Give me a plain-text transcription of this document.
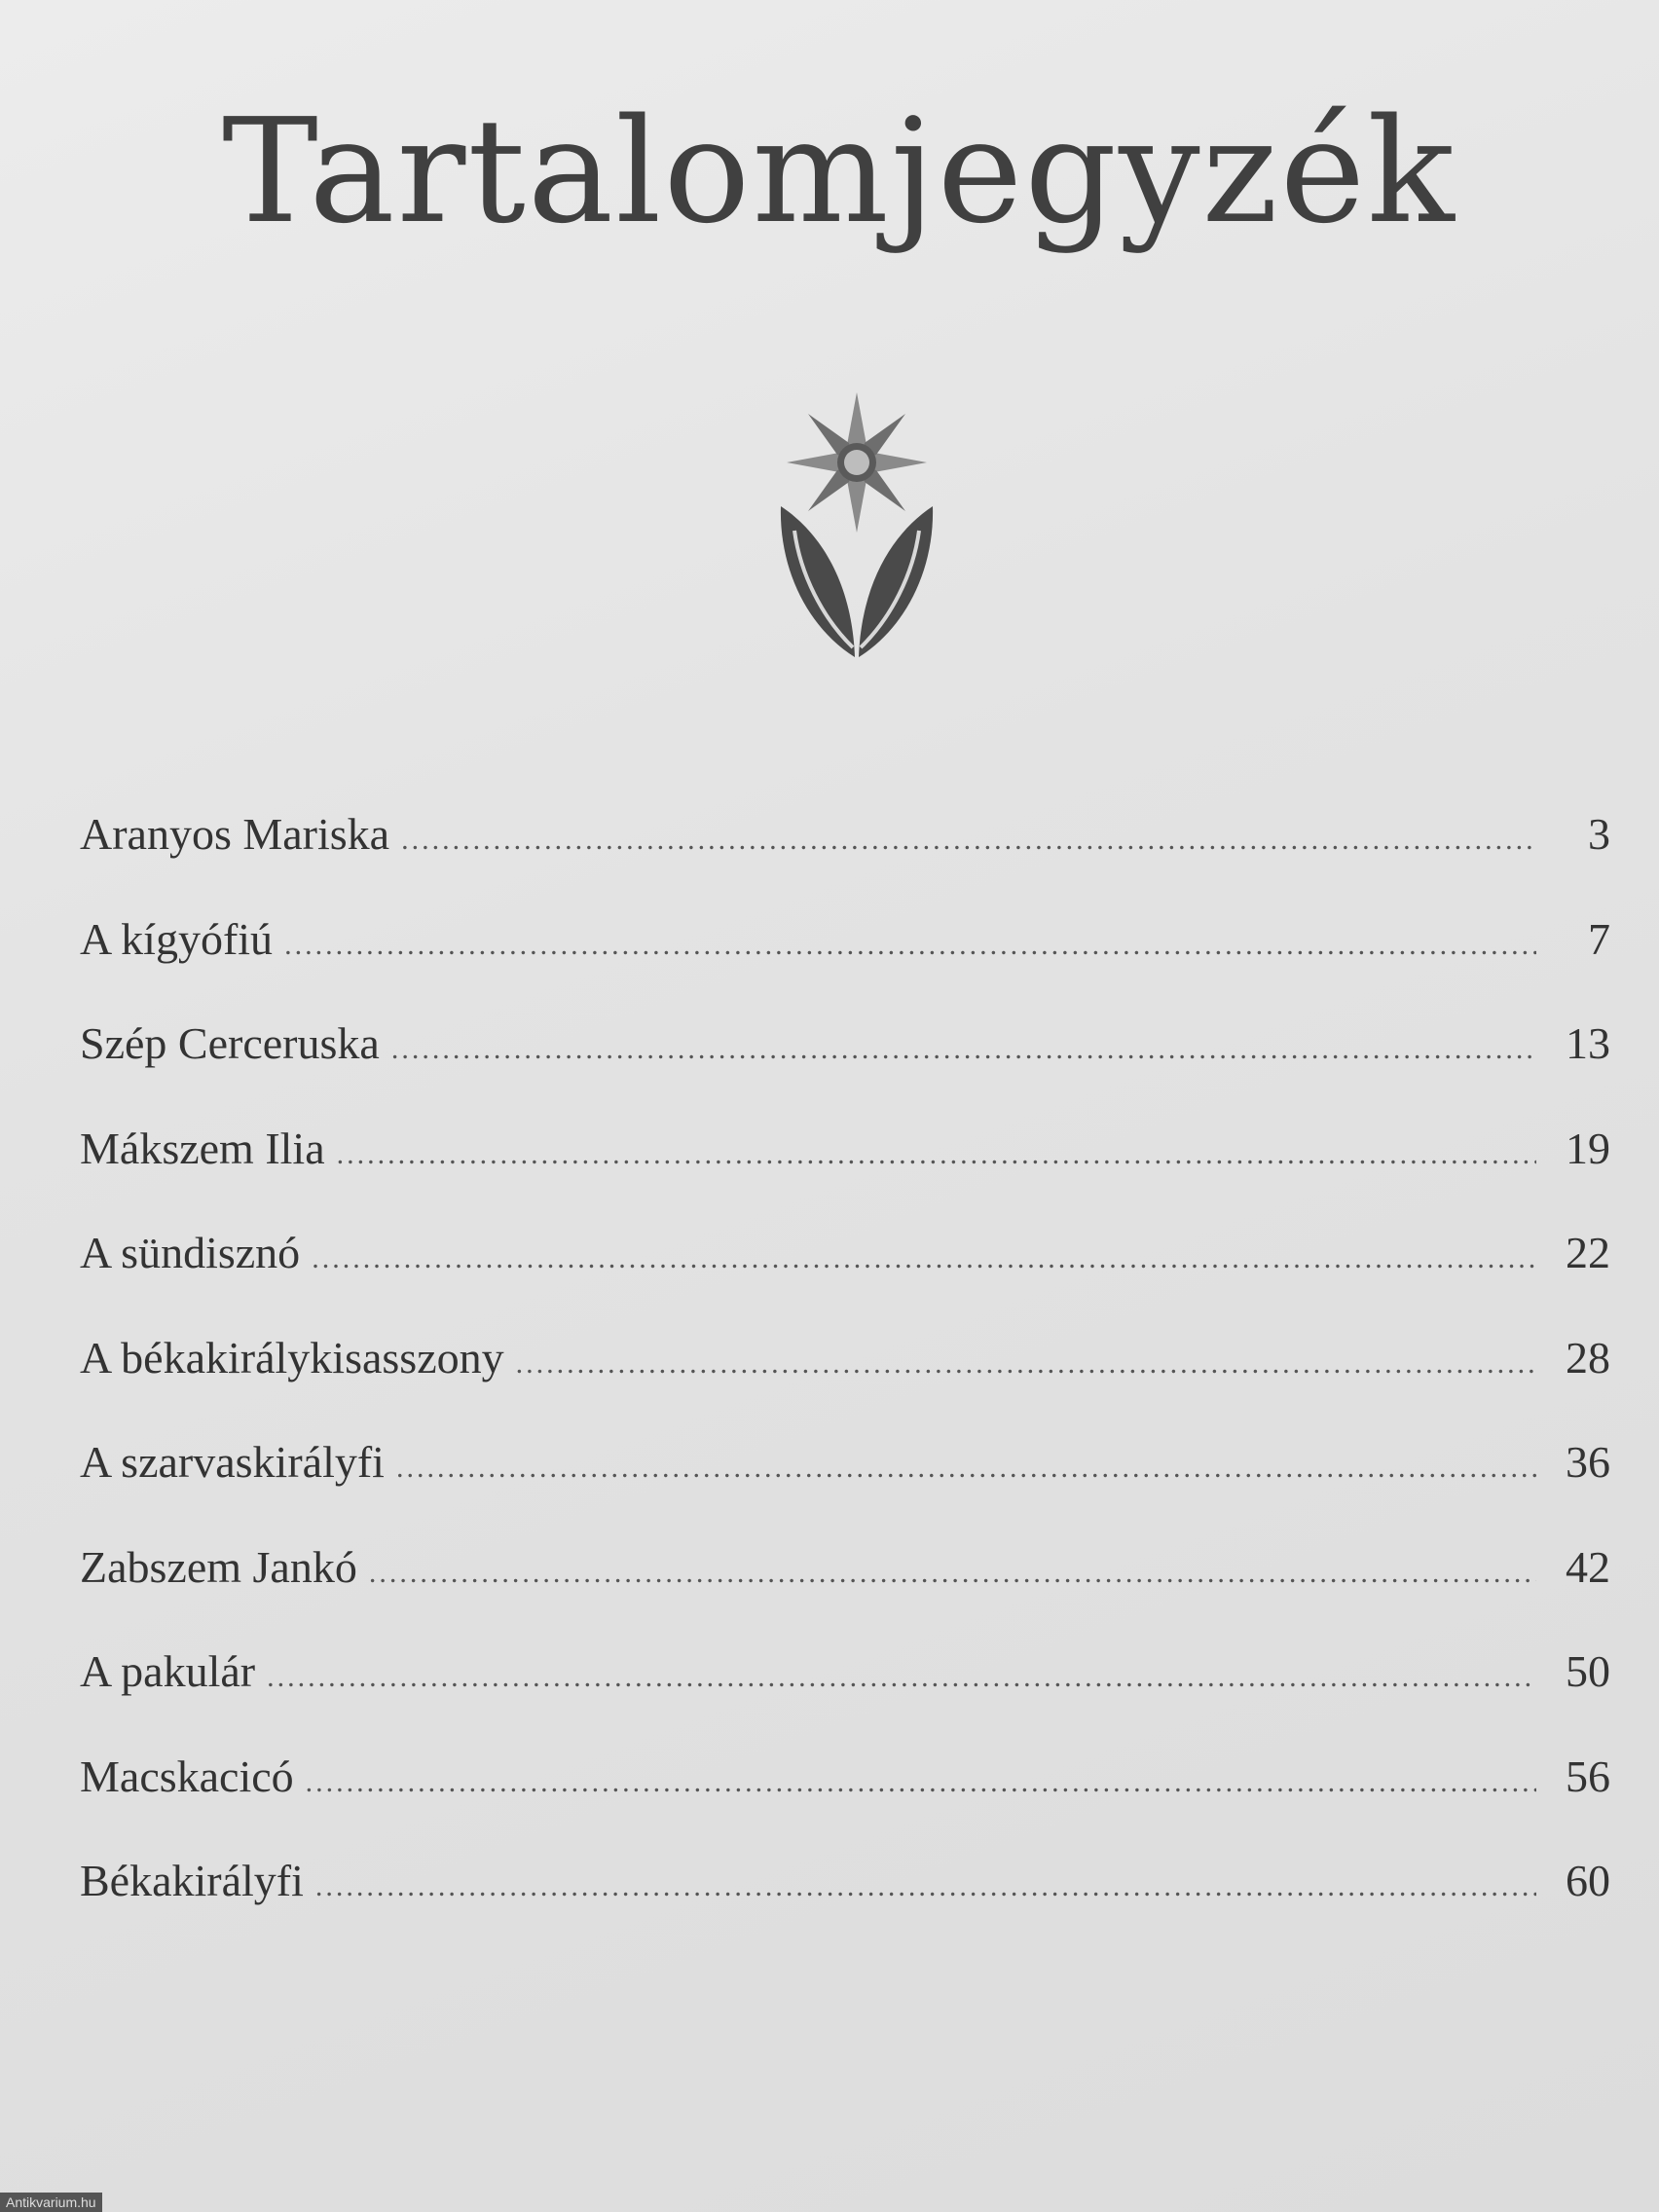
Tartalomjegyzék
Aranyos Mariska .....	3
A kígyófiú .....	7
Szép Cerceruska .....	13
Mákszem Ilia .....	19
A sündisznó .....	22
A békakirálykisasszony .....	28
A szarvaskirályfi .....	36
Zabszem Jankó .....	42
A pakulár .....	50
Macskacicó .....	56
Békakirályfi .....	60
Antikvarium.hu
